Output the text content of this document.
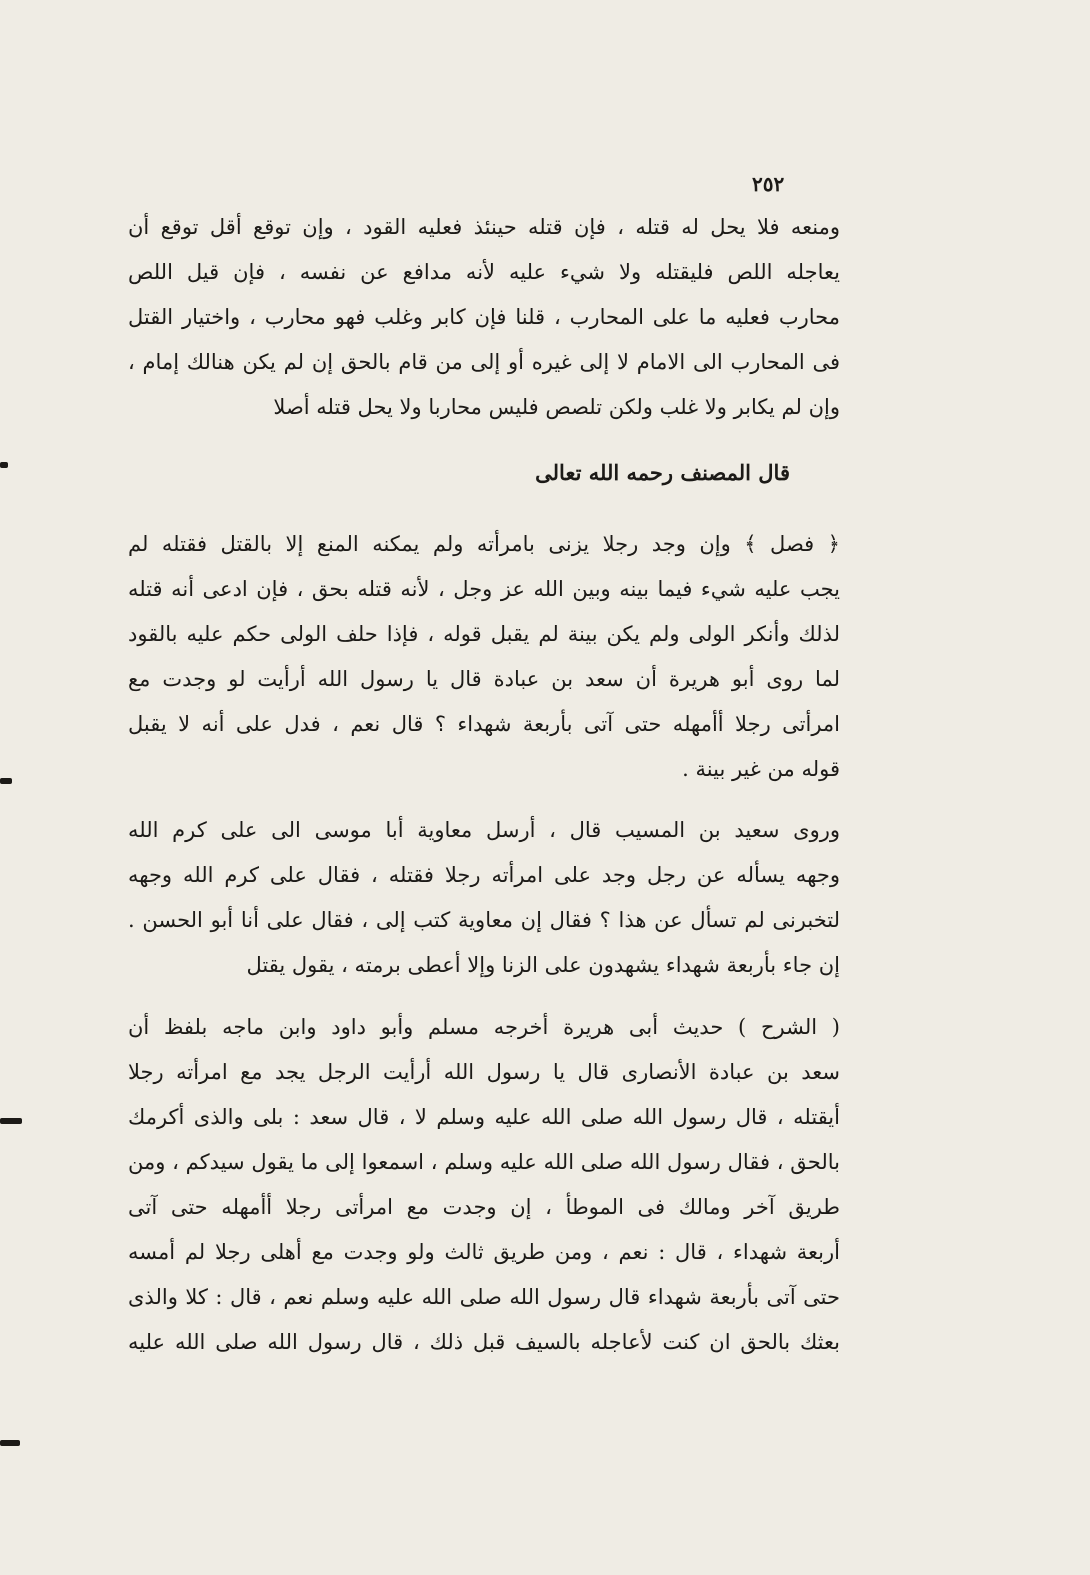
٢٥٢
ومنعه فلا يحل له قتله ، فإن قتله حينئذ فعليه القود ، وإن توقع أقل توقع أن
يعاجله اللص فليقتله ولا شيء عليه لأنه مدافع عن نفسه ، فإن قيل اللص
محارب فعليه ما على المحارب ، قلنا فإن كابر وغلب فهو محارب ، واختيار القتل
فى المحارب الى الامام لا إلى غيره أو إلى من قام بالحق إن لم يكن هنالك إمام ،
وإن لم يكابر ولا غلب ولكن تلصص فليس محاربا ولا يحل قتله أصلا
قال المصنف رحمه الله تعالى
﴿ فصل ﴾ وإن وجد رجلا يزنى بامرأته ولم يمكنه المنع إلا بالقتل فقتله لم
يجب عليه شيء فيما بينه وبين الله عز وجل ، لأنه قتله بحق ، فإن ادعى أنه قتله
لذلك وأنكر الولى ولم يكن بينة لم يقبل قوله ، فإذا حلف الولى حكم عليه بالقود
لما روى أبو هريرة أن سعد بن عبادة قال يا رسول الله أرأيت لو وجدت مع
امرأتى رجلا أأمهله حتى آتى بأربعة شهداء ؟ قال نعم ، فدل على أنه لا يقبل
قوله من غير بينة .
وروى سعيد بن المسيب قال ، أرسل معاوية أبا موسى الى على كرم الله
وجهه يسأله عن رجل وجد على امرأته رجلا فقتله ، فقال على كرم الله وجهه
لتخبرنى لم تسأل عن هذا ؟ فقال إن معاوية كتب إلى ، فقال على أنا أبو الحسن .
إن جاء بأربعة شهداء يشهدون على الزنا وإلا أعطى برمته ، يقول يقتل
( الشرح ) حديث أبى هريرة أخرجه مسلم وأبو داود وابن ماجه بلفظ أن
سعد بن عبادة الأنصارى قال يا رسول الله أرأيت الرجل يجد مع امرأته رجلا
أيقتله ، قال رسول الله صلى الله عليه وسلم لا ، قال سعد : بلى والذى أكرمك
بالحق ، فقال رسول الله صلى الله عليه وسلم ، اسمعوا إلى ما يقول سيدكم ، ومن
طريق آخر ومالك فى الموطأ ، إن وجدت مع امرأتى رجلا أأمهله حتى آتى
أربعة شهداء ، قال : نعم ، ومن طريق ثالث ولو وجدت مع أهلى رجلا لم أمسه
حتى آتى بأربعة شهداء قال رسول الله صلى الله عليه وسلم نعم ، قال : كلا والذى
بعثك بالحق ان كنت لأعاجله بالسيف قبل ذلك ، قال رسول الله صلى الله عليه
